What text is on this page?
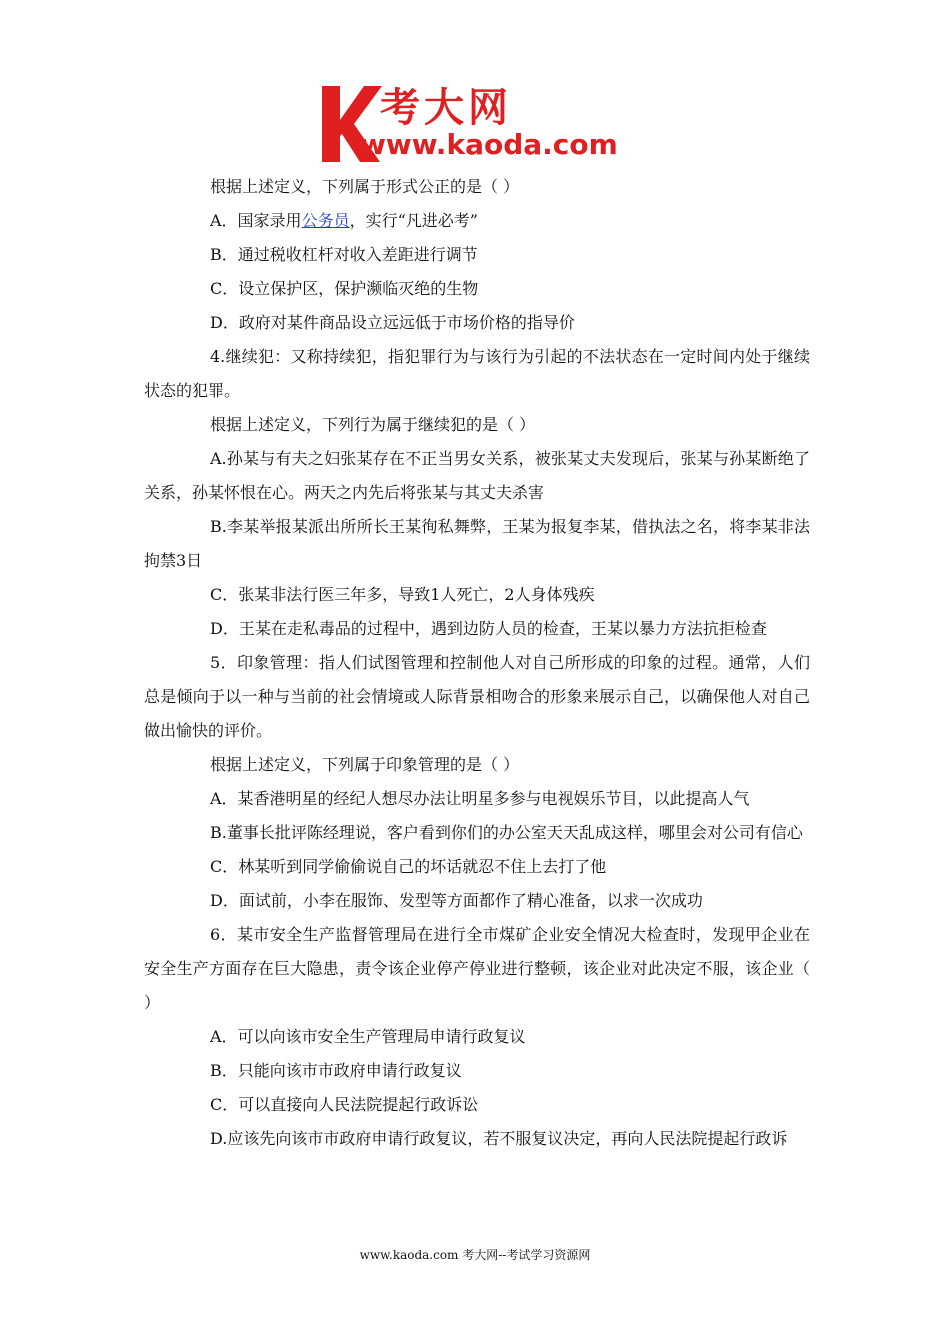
考大网
www.kaoda.com

根据上述定义，下列属于形式公正的是（ ）

A．国家录用公务员，实行“凡进必考”

B．通过税收杠杆对收入差距进行调节

C．设立保护区，保护濒临灭绝的生物

D．政府对某件商品设立远远低于市场价格的指导价

4.继续犯：又称持续犯，指犯罪行为与该行为引起的不法状态在一定时间内处于继续状态的犯罪。

根据上述定义，下列行为属于继续犯的是（ ）

A.孙某与有夫之妇张某存在不正当男女关系，被张某丈夫发现后，张某与孙某断绝了关系，孙某怀恨在心。两天之内先后将张某与其丈夫杀害

B.李某举报某派出所所长王某徇私舞弊，王某为报复李某，借执法之名，将李某非法拘禁3日

C．张某非法行医三年多，导致1人死亡，2人身体残疾

D．王某在走私毒品的过程中，遇到边防人员的检查，王某以暴力方法抗拒检查

5．印象管理：指人们试图管理和控制他人对自己所形成的印象的过程。通常，人们总是倾向于以一种与当前的社会情境或人际背景相吻合的形象来展示自己，以确保他人对自己做出愉快的评价。

根据上述定义，下列属于印象管理的是（ ）

A．某香港明星的经纪人想尽办法让明星多参与电视娱乐节目，以此提高人气

B.董事长批评陈经理说，客户看到你们的办公室天天乱成这样，哪里会对公司有信心

C．林某听到同学偷偷说自己的坏话就忍不住上去打了他

D．面试前，小李在服饰、发型等方面都作了精心准备，以求一次成功

6．某市安全生产监督管理局在进行全市煤矿企业安全情况大检查时，发现甲企业在安全生产方面存在巨大隐患，责令该企业停产停业进行整顿，该企业对此决定不服，该企业（ ）

A．可以向该市安全生产管理局申请行政复议

B．只能向该市市政府申请行政复议

C．可以直接向人民法院提起行政诉讼

D.应该先向该市市政府申请行政复议，若不服复议决定，再向人民法院提起行政诉

www.kaoda.com 考大网--考试学习资源网
